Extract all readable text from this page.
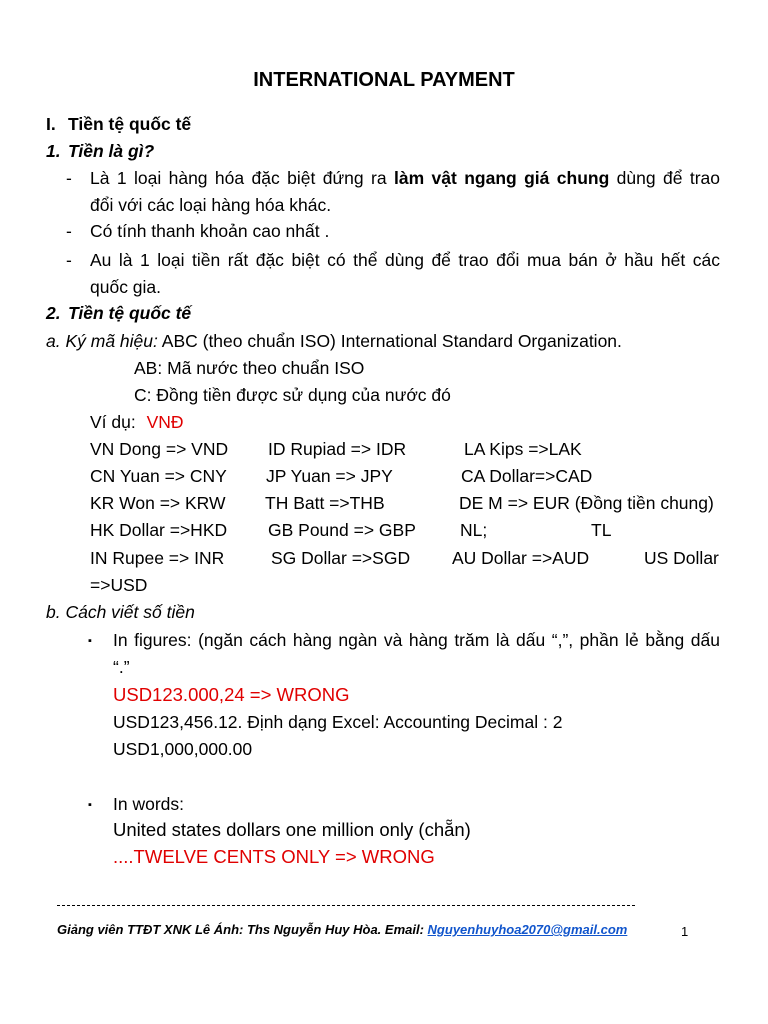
INTERNATIONAL PAYMENT
I. Tiền tệ quốc tế
1. Tiền là gì?
- Là 1 loại hàng hóa đặc biệt đứng ra làm vật ngang giá chung dùng để trao
đổi với các loại hàng hóa khác.
- Có tính thanh khoản cao nhất .
- Au là 1 loại tiền rất đặc biệt có thể dùng để trao đổi mua bán ở hầu hết các
quốc gia.
2. Tiền tệ quốc tế
a. Ký mã hiệu: ABC (theo chuẩn ISO) International Standard Organization.
AB: Mã nước theo chuẩn ISO
C: Đồng tiền được sử dụng của nước đó
Ví dụ: VNĐ
VN Dong => VND ID Rupiad => IDR	LA Kips =>LAK
CN Yuan => CNY JP Yuan => JPY	CA Dollar=>CAD
KR Won => KRW TH Batt =>THB	DE M => EUR (Đồng tiền chung)
HK Dollar =>HKD GB Pound => GBP	NL;	TL
IN Rupee => INR	SG Dollar =>SGD AU Dollar =>AUD	US Dollar
=>USD
b. Cách viết số tiền
▪ In figures: (ngăn cách hàng ngàn và hàng trăm là dấu “,”, phần lẻ bằng dấu
“.”
USD123.000,24 => WRONG
USD123,456.12. Định dạng Excel: Accounting Decimal : 2
USD1,000,000.00
▪ In words:
United states dollars one million only (chẵn)
....TWELVE CENTS ONLY => WRONG
Giảng viên TTĐT XNK Lê Ánh: Ths Nguyễn Huy Hòa. Email: Nguyenhuyhoa2070@gmail.com	1
